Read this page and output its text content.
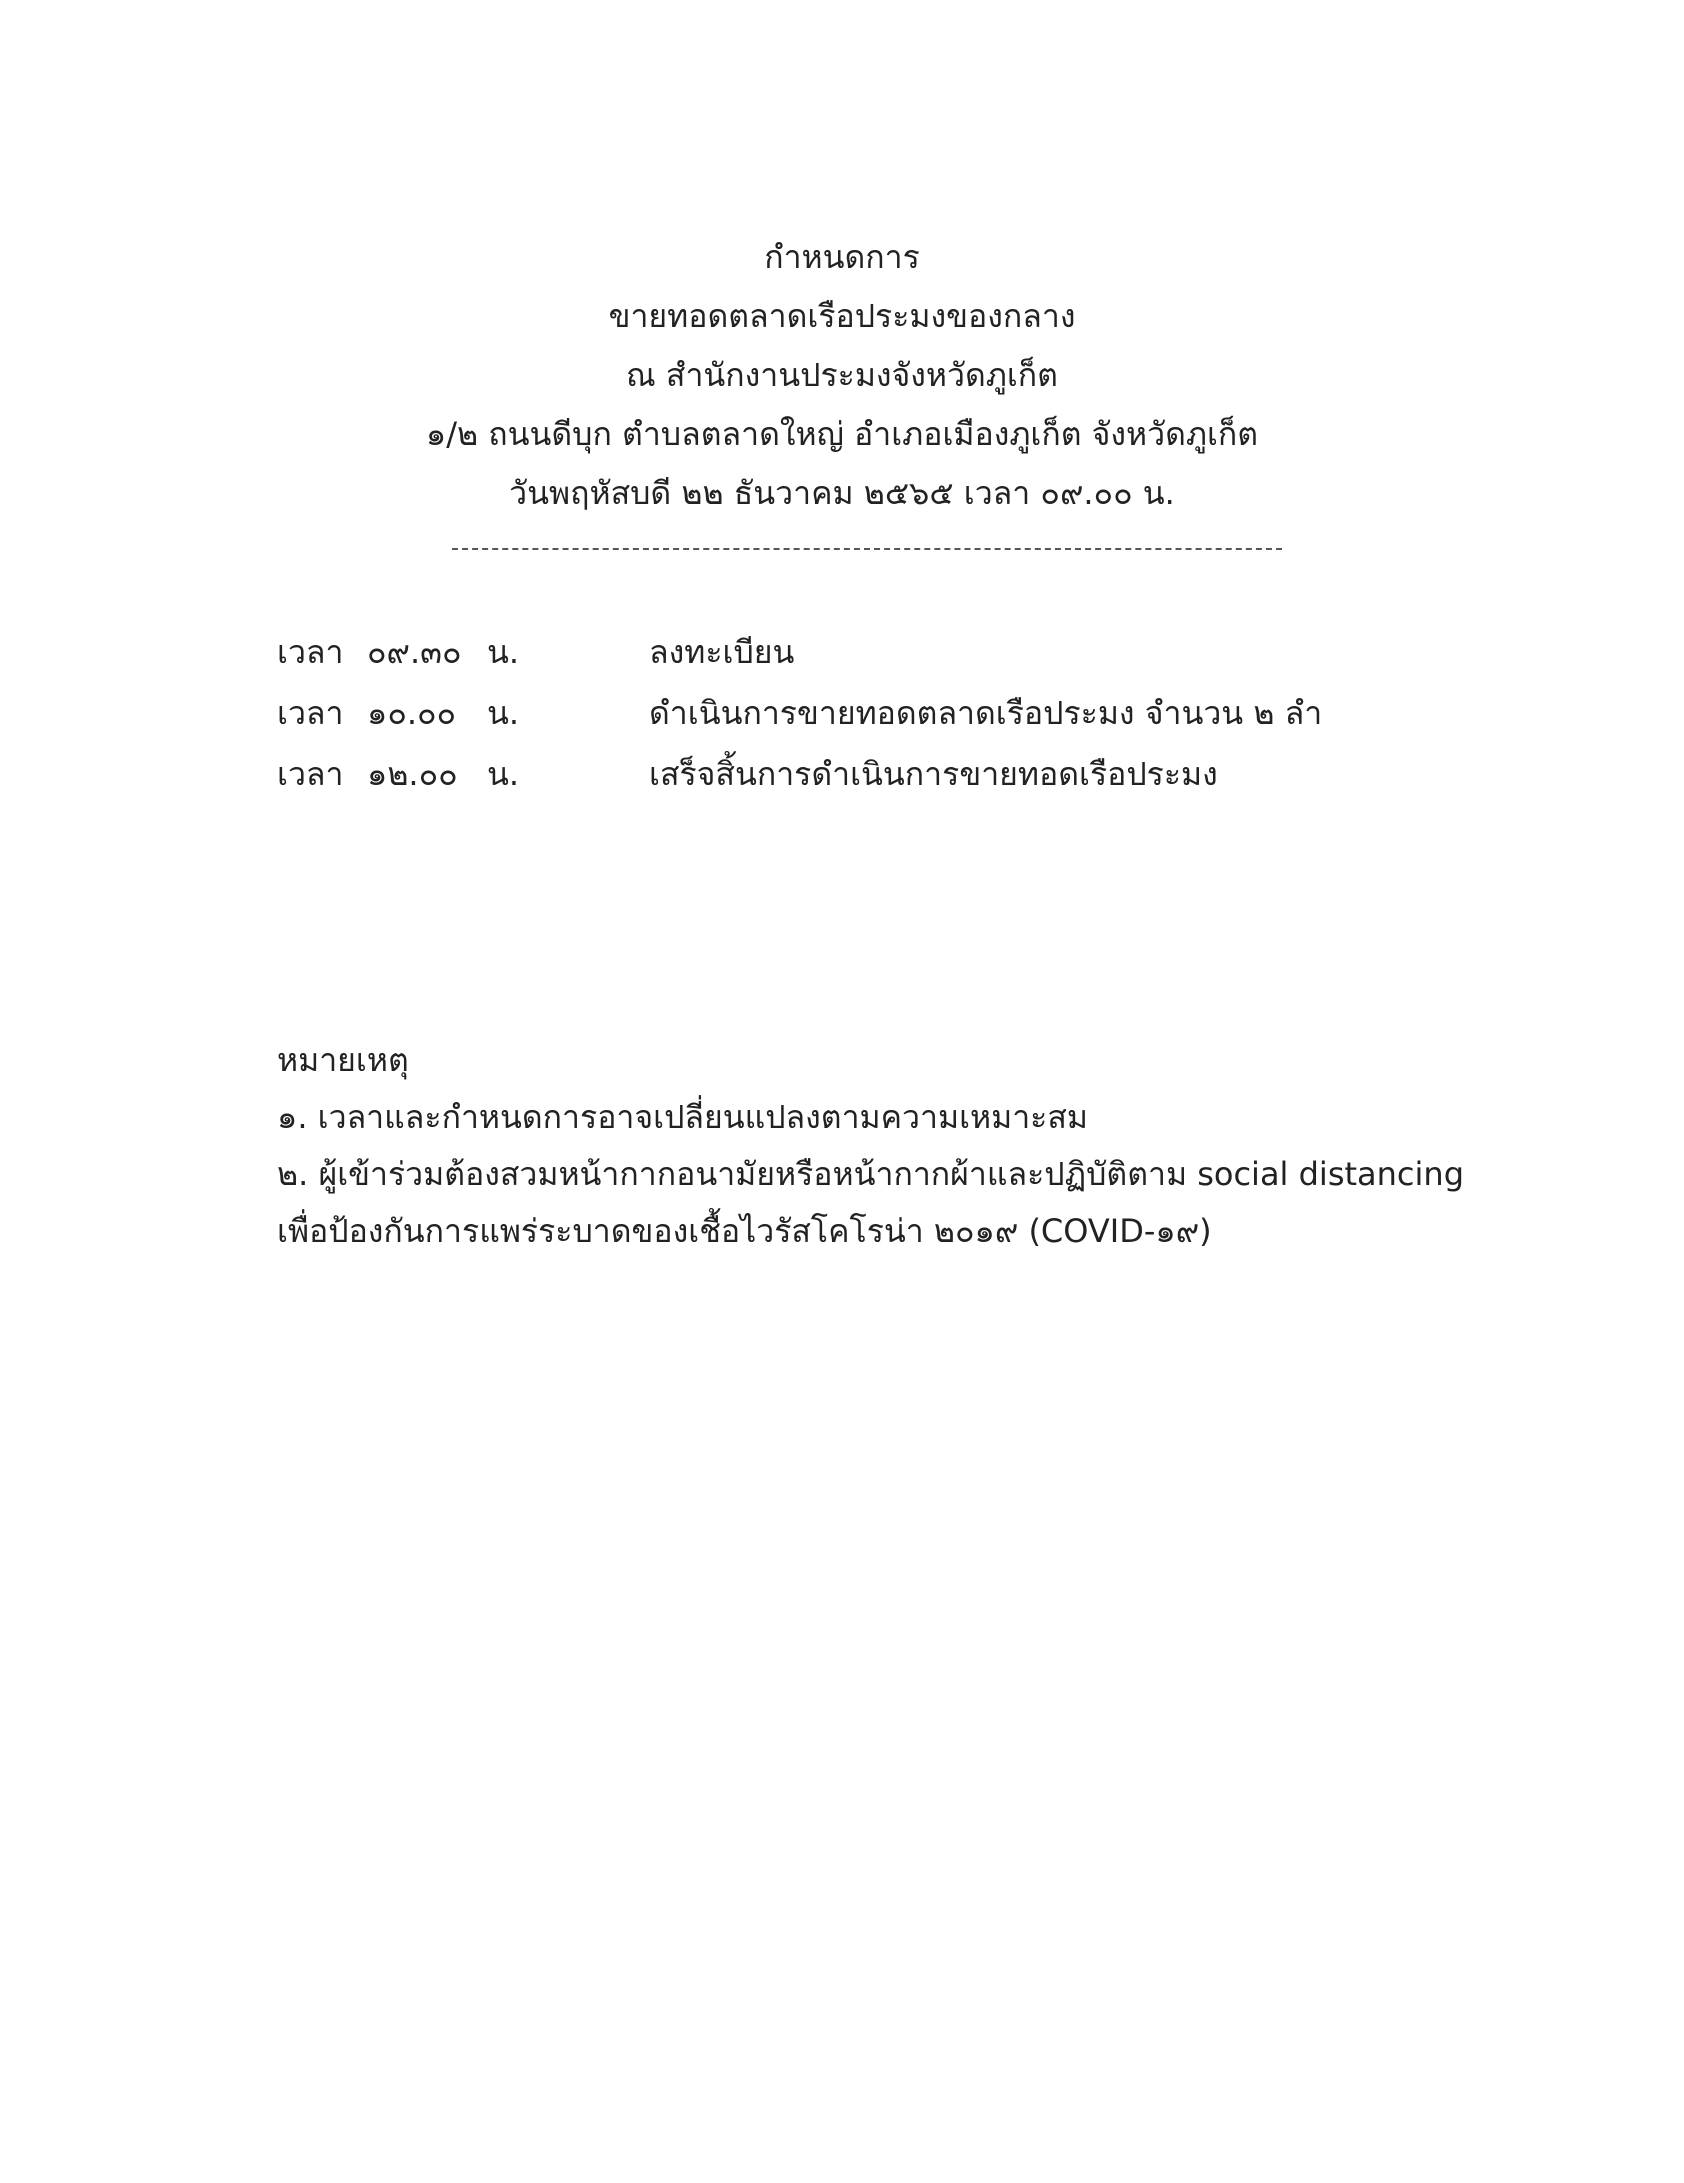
กำหนดการ
ขายทอดตลาดเรือประมงของกลาง
ณ สำนักงานประมงจังหวัดภูเก็ต
๑/๒ ถนนดีบุก ตำบลตลาดใหญ่ อำเภอเมืองภูเก็ต จังหวัดภูเก็ต
วันพฤหัสบดี ๒๒ ธันวาคม ๒๕๖๕ เวลา ๐๙.๐๐ น.
เวลา ๐๙.๓๐ น.	ลงทะเบียน
เวลา ๑๐.๐๐ น.	ดำเนินการขายทอดตลาดเรือประมง จำนวน ๒ ลำ
เวลา ๑๒.๐๐ น.	เสร็จสิ้นการดำเนินการขายทอดเรือประมง
หมายเหตุ
๑. เวลาและกำหนดการอาจเปลี่ยนแปลงตามความเหมาะสม
๒. ผู้เข้าร่วมต้องสวมหน้ากากอนามัยหรือหน้ากากผ้าและปฏิบัติตาม social distancing
เพื่อป้องกันการแพร่ระบาดของเชื้อไวรัสโคโรน่า ๒๐๑๙ (COVID-๑๙)
